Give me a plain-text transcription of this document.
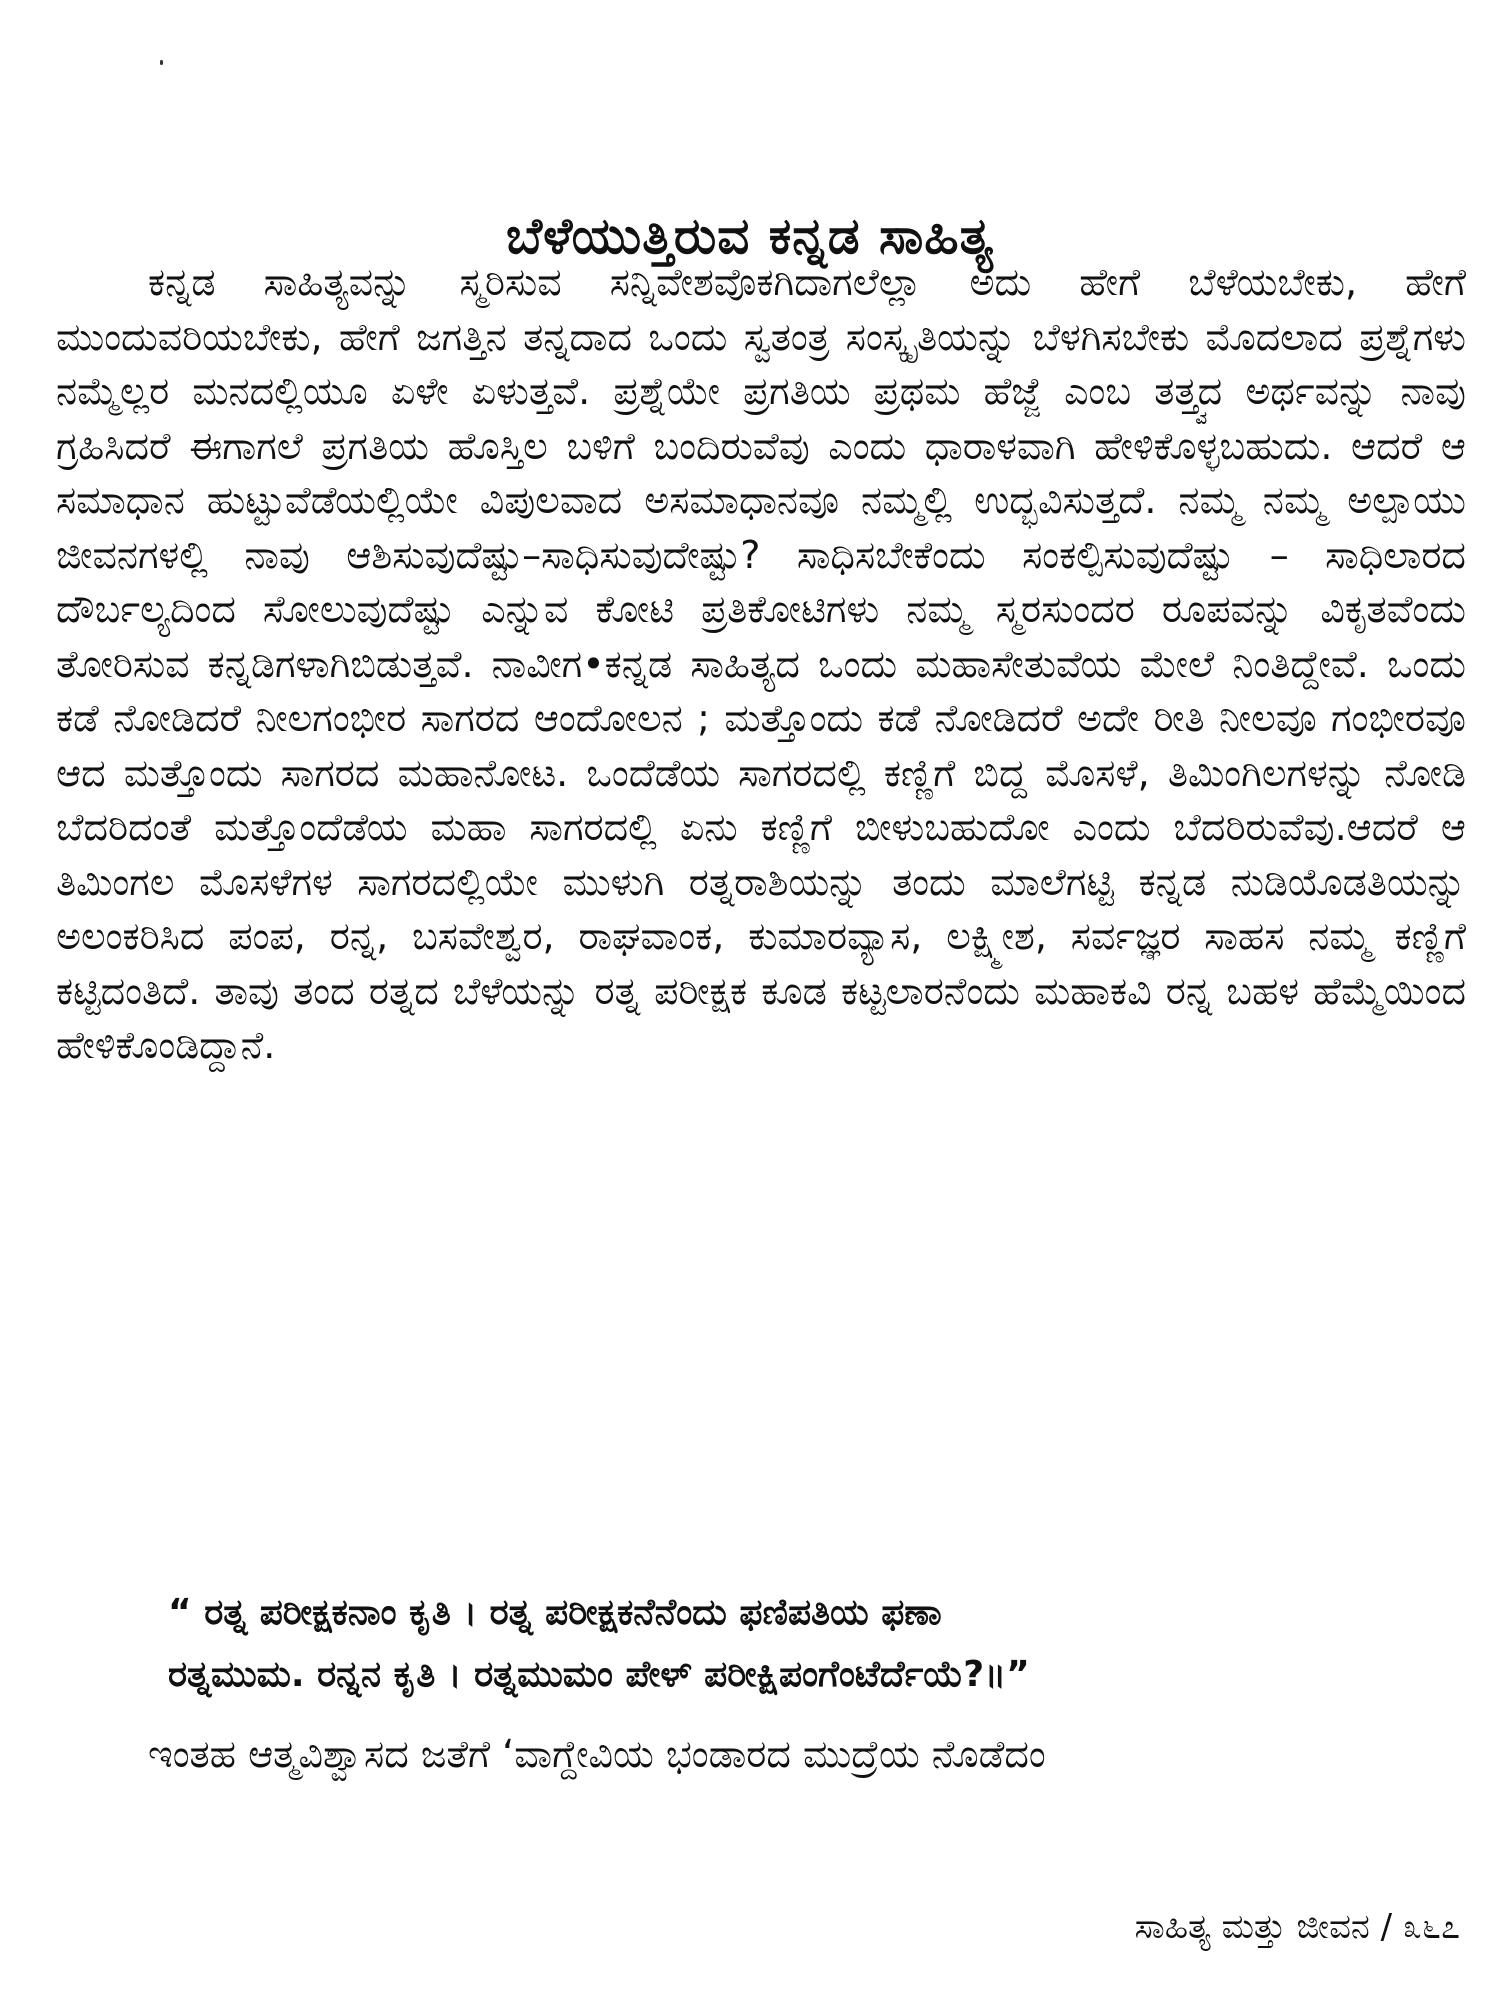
ಬೆಳೆಯುತ್ತಿರುವ ಕನ್ನಡ ಸಾಹಿತ್ಯ

ಕನ್ನಡ ಸಾಹಿತ್ಯವನ್ನು ಸ್ಮರಿಸುವ ಸನ್ನಿವೇಶವೊಕಗಿದಾಗಲೆಲ್ಲಾ ಅದು ಹೇಗೆ ಬೆಳೆಯಬೇಕು, ಹೇಗೆ ಮುಂದುವರಿಯಬೇಕು, ಹೇಗೆ ಜಗತ್ತಿನ ತನ್ನದಾದ ಒಂದು ಸ್ವತಂತ್ರ ಸಂಸ್ಕೃತಿಯನ್ನು ಬೆಳಗಿಸಬೇಕು ಮೊದಲಾದ ಪ್ರಶ್ನೆಗಳು ನಮ್ಮೆಲ್ಲರ ಮನದಲ್ಲಿಯೂ ಏಳೇ ಏಳುತ್ತವೆ. ಪ್ರಶ್ನೆಯೇ ಪ್ರಗತಿಯ ಪ್ರಥಮ ಹೆಜ್ಜೆ ಎಂಬ ತತ್ತ್ವದ ಅರ್ಥವನ್ನು ನಾವು ಗ್ರಹಿಸಿದರೆ ಈಗಾಗಲೆ ಪ್ರಗತಿಯ ಹೊಸ್ತಿಲ ಬಳಿಗೆ ಬಂದಿರುವೆವು ಎಂದು ಧಾರಾಳವಾಗಿ ಹೇಳಿಕೊಳ್ಳಬಹುದು. ಆದರೆ ಆ ಸಮಾಧಾನ ಹುಟ್ಟುವೆಡೆಯಲ್ಲಿಯೇ ವಿಪುಲವಾದ ಅಸಮಾಧಾನವೂ ನಮ್ಮಲ್ಲಿ ಉದ್ಭವಿಸುತ್ತದೆ. ನಮ್ಮ ನಮ್ಮ ಅಲ್ಪಾಯು ಜೀವನಗಳಲ್ಲಿ ನಾವು ಆಶಿಸುವುದೆಷ್ಟು–ಸಾಧಿಸುವುದೇಷ್ಟು? ಸಾಧಿಸಬೇಕೆಂದು ಸಂಕಲ್ಪಿಸುವುದೆಷ್ಟು – ಸಾಧಿಲಾರದ ದೌರ್ಬಲ್ಯದಿಂದ ಸೋಲುವುದೆಷ್ಟು ಎನ್ನುವ ಕೋಟಿ ಪ್ರತಿಕೋಟಿಗಳು ನಮ್ಮ ಸ್ಮರಸುಂದರ ರೂಪವನ್ನು ವಿಕೃತವೆಂದು ತೋರಿಸುವ ಕನ್ನಡಿಗಳಾಗಿಬಿಡುತ್ತವೆ. ನಾವೀಗ•ಕನ್ನಡ ಸಾಹಿತ್ಯದ ಒಂದು ಮಹಾಸೇತುವೆಯ ಮೇಲೆ ನಿಂತಿದ್ದೇವೆ. ಒಂದು ಕಡೆ ನೋಡಿದರೆ ನೀಲಗಂಭೀರ ಸಾಗರದ ಆಂದೋಲನ ; ಮತ್ತೊಂದು ಕಡೆ ನೋಡಿದರೆ ಅದೇ ರೀತಿ ನೀಲವೂ ಗಂಭೀರವೂ ಆದ ಮತ್ತೊಂದು ಸಾಗರದ ಮಹಾನೋಟ. ಒಂದೆಡೆಯ ಸಾಗರದಲ್ಲಿ ಕಣ್ಣಿಗೆ ಬಿದ್ದ ಮೊಸಳೆ, ತಿಮಿಂಗಿಲಗಳನ್ನು ನೋಡಿ ಬೆದರಿದಂತೆ ಮತ್ತೊಂದೆಡೆಯ ಮಹಾ ಸಾಗರದಲ್ಲಿ ಏನು ಕಣ್ಣಿಗೆ ಬೀಳುಬಹುದೋ ಎಂದು ಬೆದರಿರುವೆವು.ಆದರೆ ಆ ತಿಮಿಂಗಲ ಮೊಸಳೆಗಳ ಸಾಗರದಲ್ಲಿಯೇ ಮುಳುಗಿ ರತ್ನರಾಶಿಯನ್ನು ತಂದು ಮಾಲೆಗಟ್ಟಿ ಕನ್ನಡ ನುಡಿಯೊಡತಿಯನ್ನು ಅಲಂಕರಿಸಿದ ಪಂಪ, ರನ್ನ, ಬಸವೇಶ್ವರ, ರಾಘವಾಂಕ, ಕುಮಾರವ್ಯಾಸ, ಲಕ್ಷ್ಮೀಶ, ಸರ್ವಜ್ಞರ ಸಾಹಸ ನಮ್ಮ ಕಣ್ಣಿಗೆ ಕಟ್ಟಿದಂತಿದೆ. ತಾವು ತಂದ ರತ್ನದ ಬೆಳೆಯನ್ನು ರತ್ನ ಪರೀಕ್ಷಕ ಕೂಡ ಕಟ್ಟಲಾರನೆಂದು ಮಹಾಕವಿ ರನ್ನ ಬಹಳ ಹೆಮ್ಮೆಯಿಂದ ಹೇಳಿಕೊಂಡಿದ್ದಾನೆ.

“ ರತ್ನ ಪರೀಕ್ಷಕನಾಂ ಕೃತಿ । ರತ್ನ ಪರೀಕ್ಷಕನೆನೆಂದು ಫಣಿಪತಿಯ ಫಣಾ
ರತ್ನಮುಮ. ರನ್ನನ ಕೃತಿ । ರತ್ನಮುಮಂ ಪೇಳ್ ಪರೀಕ್ಷಿಪಂಗೆಂಟೆರ್ದೆಯೆ?॥”

ಇಂತಹ ಆತ್ಮವಿಶ್ವಾಸದ ಜತೆಗೆ ‘ವಾಗ್ದೇವಿಯ ಭಂಡಾರದ ಮುದ್ರೆಯ ನೊಡೆದಂ

ಸಾಹಿತ್ಯ ಮತ್ತು ಜೀವನ / ೩೬೭
